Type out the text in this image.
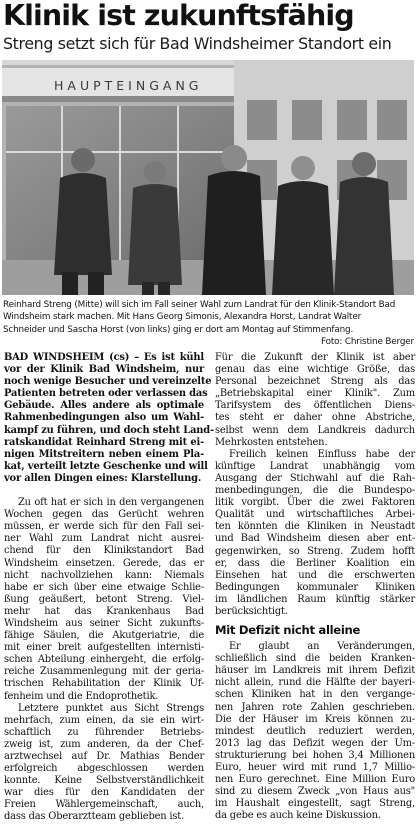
Klinik ist zukunftsfähig
Streng setzt sich für Bad Windsheimer Standort ein
HAUPTEINGANG
Reinhard Streng (Mitte) will sich im Fall seiner Wahl zum Landrat für den Klinik-Standort Bad
Windsheim stark machen. Mit Hans Georg Simonis, Alexandra Horst, Landrat Walter
Schneider und Sascha Horst (von links) ging er dort am Montag auf Stimmenfang.
Foto: Christine Berger
BAD WINDSHEIM (cs) – Es ist kühl
vor der Klinik Bad Windsheim, nur
noch wenige Besucher und vereinzelte
Patienten betreten oder verlassen das
Gebäude. Alles andere als optimale
Rahmenbedingungen also um Wahl-
kampf zu führen, und doch steht Land-
ratskandidat Reinhard Streng mit ei-
nigen Mitstreitern neben einem Pla-
kat, verteilt letzte Geschenke und will
vor allen Dingen eines: Klarstellung.
Zu oft hat er sich in den vergangenen
Wochen gegen das Gerücht wehren
müssen, er werde sich für den Fall sei-
ner Wahl zum Landrat nicht ausrei-
chend für den Klinikstandort Bad
Windsheim einsetzen. Gerede, das er
nicht nachvollziehen kann: Niemals
habe er sich über eine etwaige Schlie-
ßung geäußert, betont Streng. Viel-
mehr hat das Krankenhaus Bad
Windsheim aus seiner Sicht zukunfts-
fähige Säulen, die Akutgeriatrie, die
mit einer breit aufgestellten internisti-
schen Abteilung einhergeht, die erfolg-
reiche Zusammenlegung mit der geria-
trischen Rehabilitation der Klinik Uf-
fenheim und die Endoprothetik.
Letztere punktet aus Sicht Strengs
mehrfach, zum einen, da sie ein wirt-
schaftlich zu führender Betriebs-
zweig ist, zum anderen, da der Chef-
arztwechsel auf Dr. Mathias Bender
erfolgreich abgeschlossen werden
konnte. Keine Selbstverständlichkeit
war dies für den Kandidaten der
Freien Wählergemeinschaft, auch,
dass das Oberarztteam geblieben ist.
Für die Zukunft der Klinik ist aber
genau das eine wichtige Größe, das
Personal bezeichnet Streng als das
„Betriebskapital einer Klinik". Zum
Tarifsystem des öffentlichen Diens-
tes steht er daher ohne Abstriche,
selbst wenn dem Landkreis dadurch
Mehrkosten entstehen.
Freilich keinen Einfluss habe der
künftige Landrat unabhängig vom
Ausgang der Stichwahl auf die Rah-
menbedingungen, die die Bundespo-
litik vorgibt. Über die zwei Faktoren
Qualität und wirtschaftliches Arbei-
ten könnten die Kliniken in Neustadt
und Bad Windsheim diesen aber ent-
gegenwirken, so Streng. Zudem hofft
er, dass die Berliner Koalition ein
Einsehen hat und die erschwerten
Bedingungen kommunaler Kliniken
im ländlichen Raum künftig stärker
berücksichtigt.
Mit Defizit nicht alleine
Er glaubt an Veränderungen,
schließlich sind die beiden Kranken-
häuser im Landkreis mit ihrem Defizit
nicht allein, rund die Hälfte der bayeri-
schen Kliniken hat in den vergange-
nen Jahren rote Zahlen geschrieben.
Die der Häuser im Kreis können zu-
mindest deutlich reduziert werden,
2013 lag das Defizit wegen der Um-
strukturierung bei hohen 3,4 Millionen
Euro, heuer wird mit rund 1,7 Millio-
nen Euro gerechnet. Eine Million Euro
sind zu diesem Zweck „von Haus aus"
im Haushalt eingestellt, sagt Streng,
da gebe es auch keine Diskussion.
